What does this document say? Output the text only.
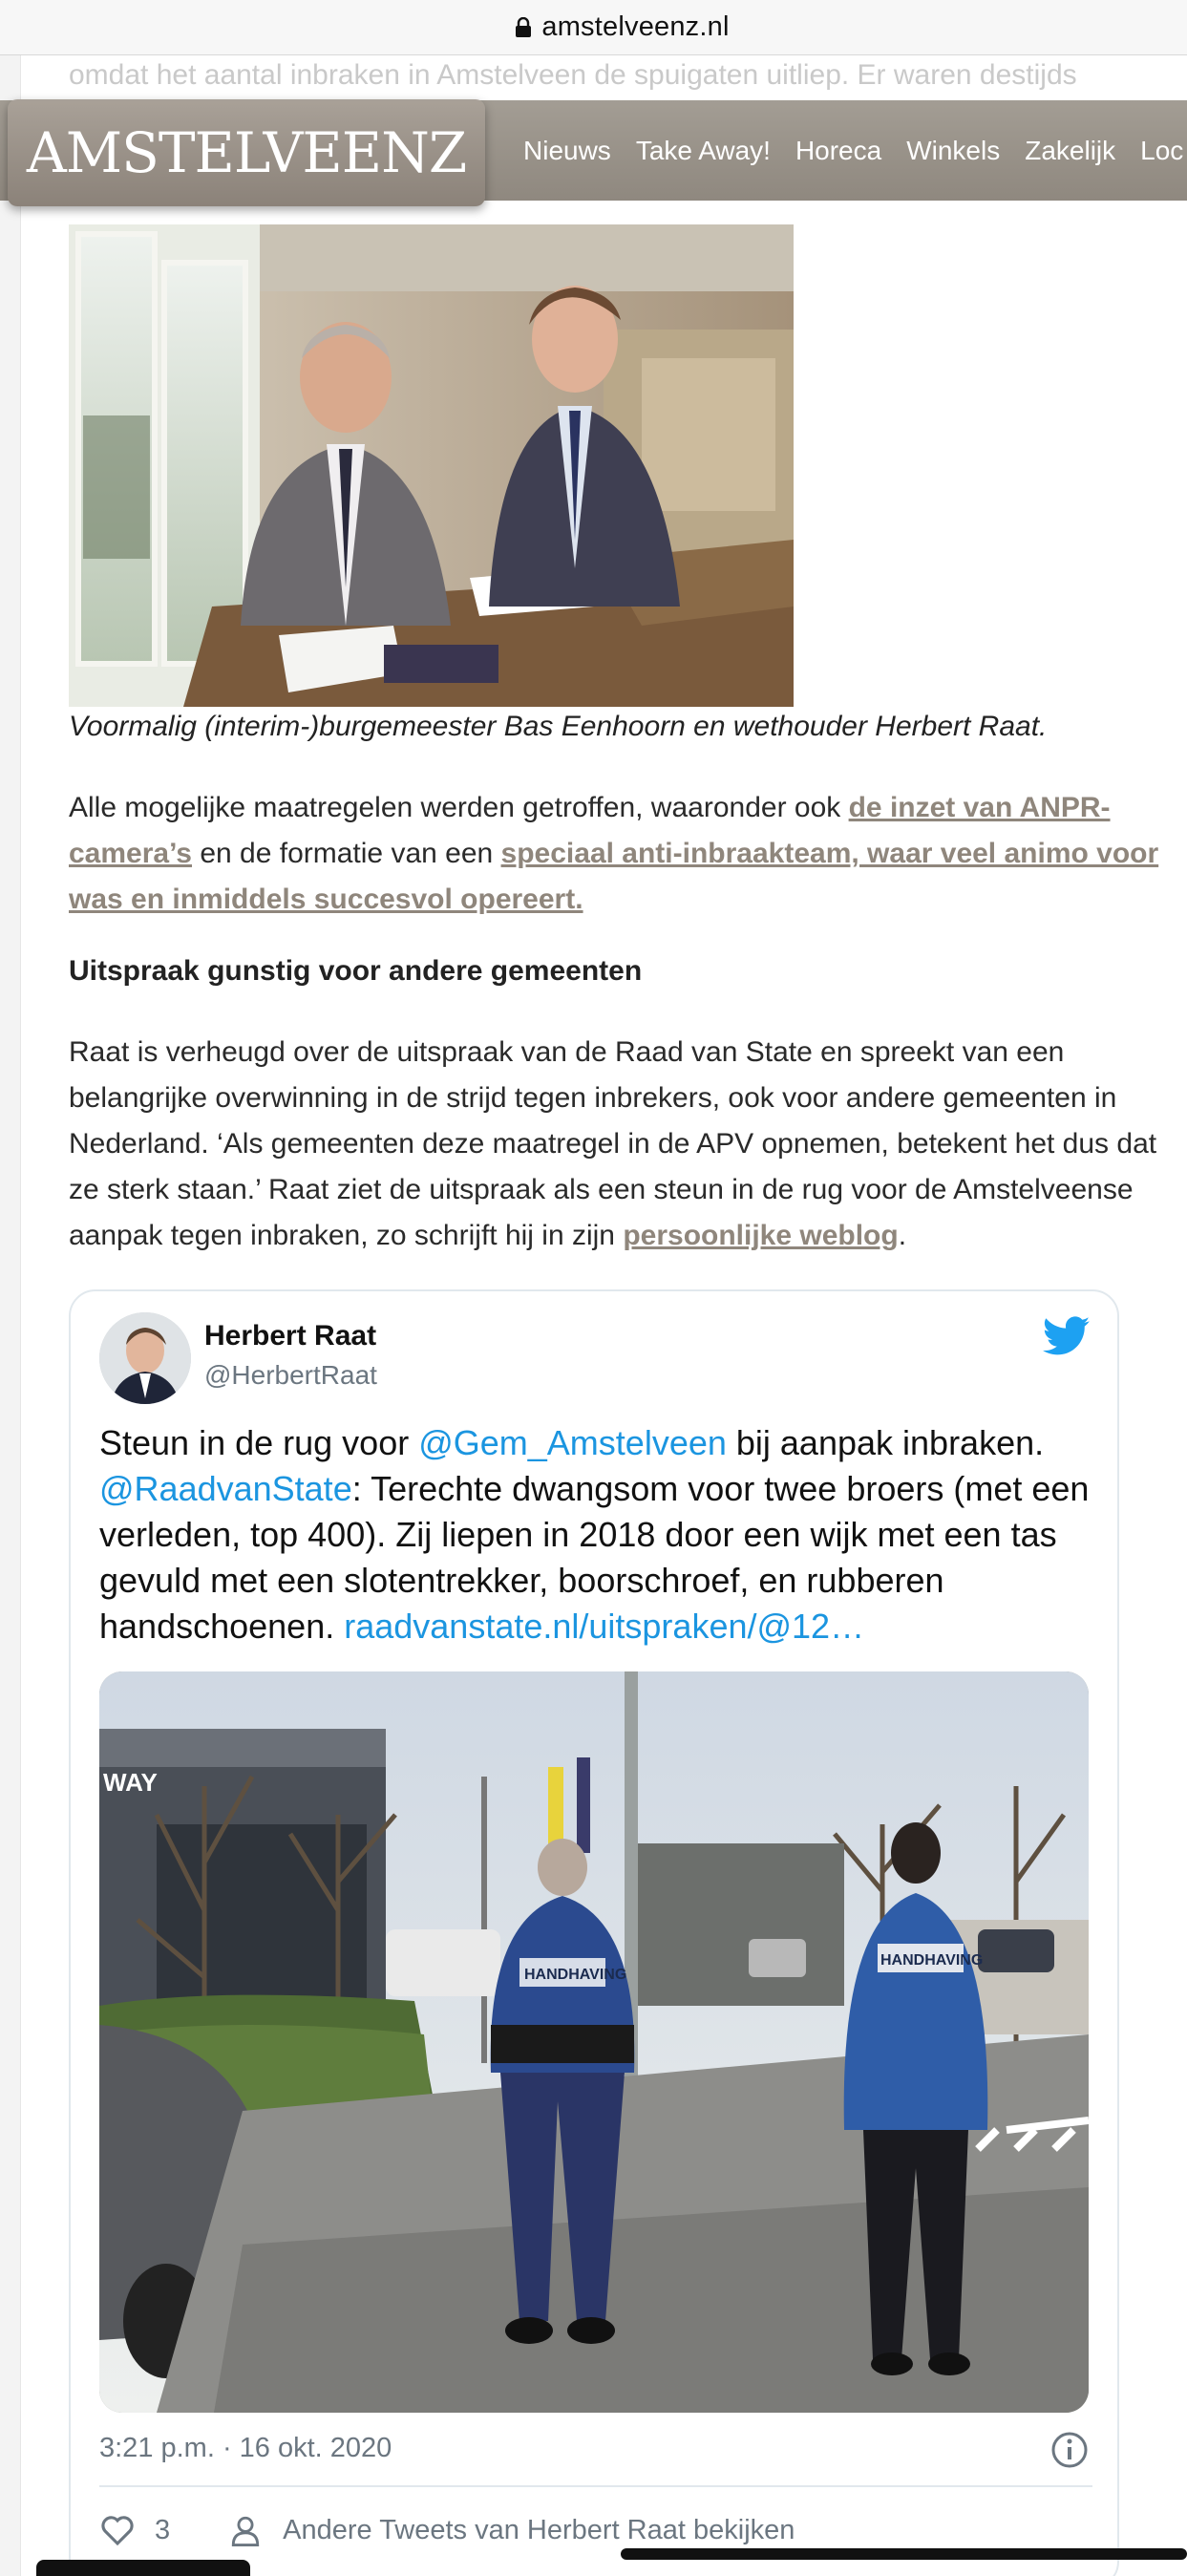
amstelveenz.nl
omdat het aantal inbraken in Amstelveen de spuigaten uitliep. Er waren destijds
AMSTELVEENZ Nieuws Take Away! Horeca Winkels Zakelijk Loc
Voormalig (interim-)burgemeester Bas Eenhoorn en wethouder Herbert Raat.
Alle mogelijke maatregelen werden getroffen, waaronder ook de inzet van ANPR-camera’s en de formatie van een speciaal anti-inbraakteam, waar veel animo voor was en inmiddels succesvol opereert.
Uitspraak gunstig voor andere gemeenten
Raat is verheugd over de uitspraak van de Raad van State en spreekt van een belangrijke overwinning in de strijd tegen inbrekers, ook voor andere gemeenten in Nederland. ‘Als gemeenten deze maatregel in de APV opnemen, betekent het dus dat ze sterk staan.’ Raat ziet de uitspraak als een steun in de rug voor de Amstelveense aanpak tegen inbraken, zo schrijft hij in zijn persoonlijke weblog.
Herbert Raat
@HerbertRaat
Steun in de rug voor @Gem_Amstelveen bij aanpak inbraken. @RaadvanState: Terechte dwangsom voor twee broers (met een verleden, top 400). Zij liepen in 2018 door een wijk met een tas gevuld met een slotentrekker, boorschroef, en rubberen handschoenen. raadvanstate.nl/uitspraken/@12…
WAY
HANDHAVING
HANDHAVING
3:21 p.m. · 16 okt. 2020
3	Andere Tweets van Herbert Raat bekijken
